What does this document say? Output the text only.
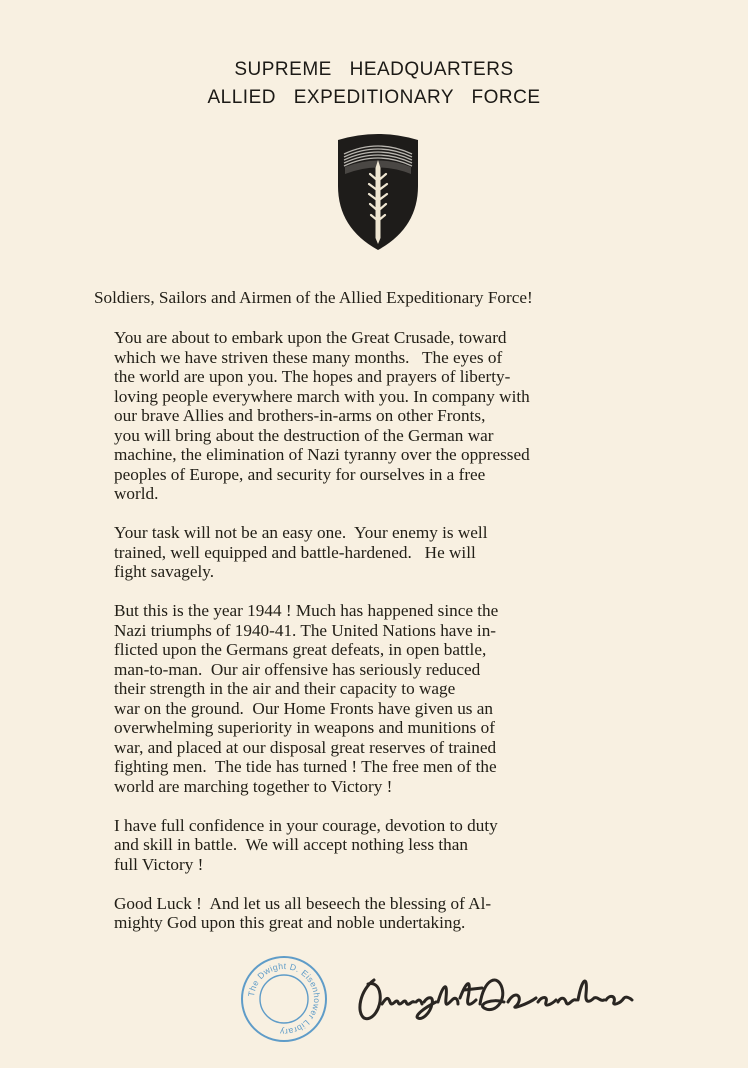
SUPREME HEADQUARTERS
ALLIED EXPEDITIONARY FORCE
Soldiers, Sailors and Airmen of the Allied Expeditionary Force!

You are about to embark upon the Great Crusade, toward
which we have striven these many months.   The eyes of
the world are upon you. The hopes and prayers of liberty-
loving people everywhere march with you. In company with
our brave Allies and brothers-in-arms on other Fronts,
you will bring about the destruction of the German war
machine, the elimination of Nazi tyranny over the oppressed
peoples of Europe, and security for ourselves in a free
world.

Your task will not be an easy one.  Your enemy is well
trained, well equipped and battle-hardened.   He will
fight savagely.

But this is the year 1944 ! Much has happened since the
Nazi triumphs of 1940-41. The United Nations have in-
flicted upon the Germans great defeats, in open battle,
man-to-man.  Our air offensive has seriously reduced
their strength in the air and their capacity to wage
war on the ground.  Our Home Fronts have given us an
overwhelming superiority in weapons and munitions of
war, and placed at our disposal great reserves of trained
fighting men.  The tide has turned ! The free men of the
world are marching together to Victory !

I have full confidence in your courage, devotion to duty
and skill in battle.  We will accept nothing less than
full Victory !

Good Luck !  And let us all beseech the blessing of Al-
mighty God upon this great and noble undertaking.

The Dwight D. Eisenhower Library
